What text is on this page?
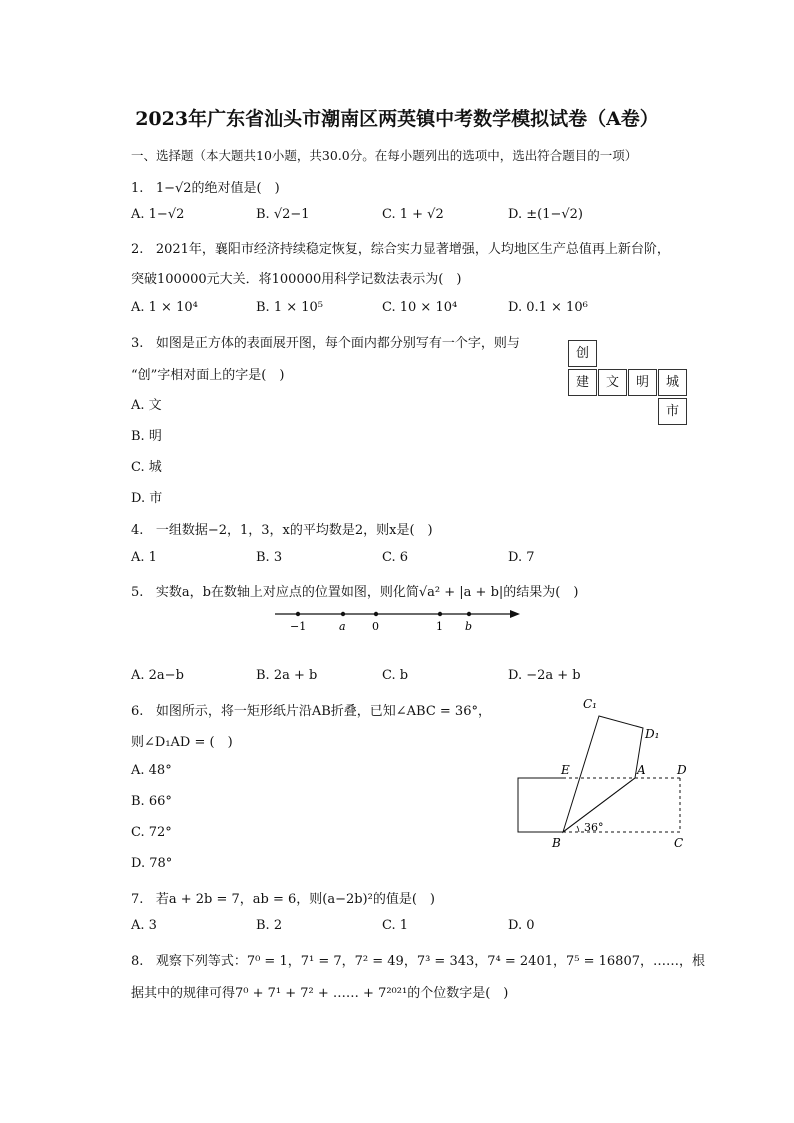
2023年广东省汕头市潮南区两英镇中考数学模拟试卷（A卷）
一、选择题（本大题共10小题，共30.0分。在每小题列出的选项中，选出符合题目的一项）
1. 1−√2的绝对值是(　)
A. 1−√2	B. √2−1	C. 1 + √2	D. ±(1−√2)
2. 2021年，襄阳市经济持续稳定恢复，综合实力显著增强，人均地区生产总值再上新台阶，
突破100000元大关．将100000用科学记数法表示为(　)
A. 1 × 10⁴	B. 1 × 10⁵	C. 10 × 10⁴	D. 0.1 × 10⁶
3. 如图是正方体的表面展开图，每个面内都分别写有一个字，则与
“创”字相对面上的字是(　)
A. 文
B. 明
C. 城
D. 市
创
建	文	明	城
市
4. 一组数据−2，1，3，x的平均数是2，则x是(　)
A. 1	B. 3	C. 6	D. 7
5. 实数a，b在数轴上对应点的位置如图，则化简√a² + |a + b|的结果为(　)
−1	a 0	1 b
A. 2a−b	B. 2a + b	C. b	D. −2a + b
6. 如图所示，将一矩形纸片沿AB折叠，已知∠ABC = 36°，
则∠D₁AD = (　)
A. 48°
B. 66°
C. 72°
D. 78°
C₁
D₁
E	A	D
B	C
36°
7. 若a + 2b = 7，ab = 6，则(a−2b)²的值是(　)
A. 3	B. 2	C. 1	D. 0
8. 观察下列等式：7⁰ = 1，7¹ = 7，7² = 49，7³ = 343，7⁴ = 2401，7⁵ = 16807，……，根
据其中的规律可得7⁰ + 7¹ + 7² + …… + 7²⁰²¹的个位数字是(　)
